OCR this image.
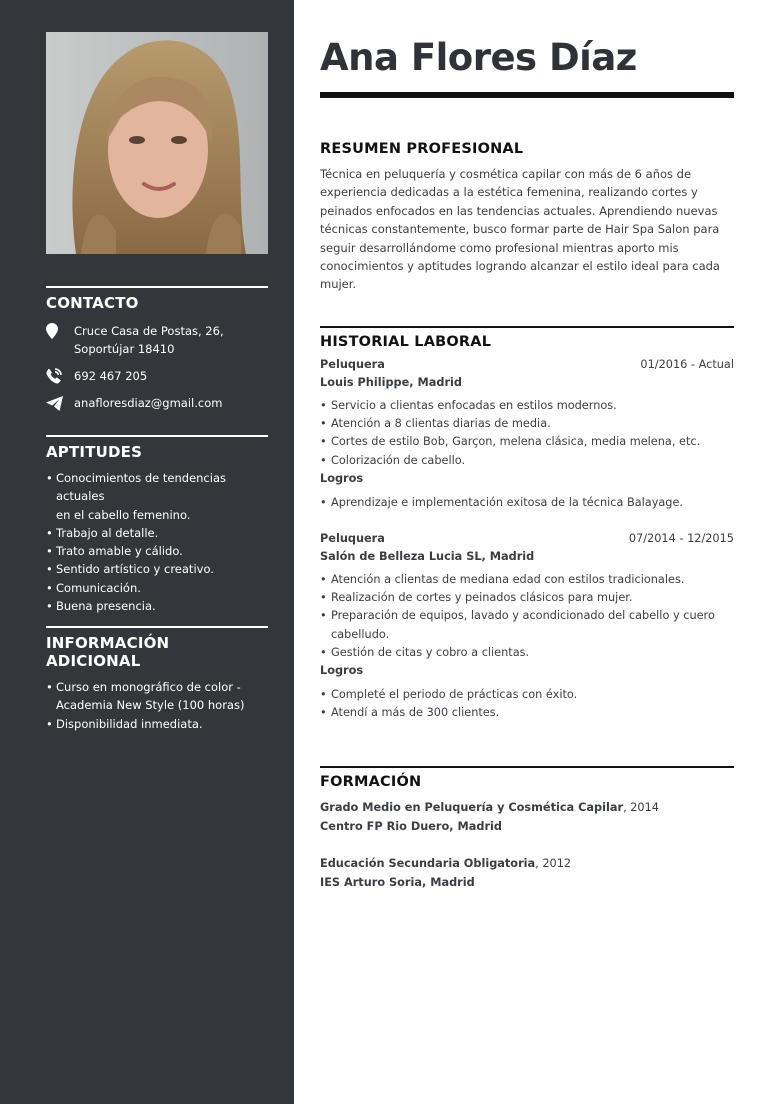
CONTACTO
Cruce Casa de Postas, 26,
Soportújar 18410
692 467 205
anafloresdiaz@gmail.com
APTITUDES
• Conocimientos de tendencias actuales
en el cabello femenino.
• Trabajo al detalle.
• Trato amable y cálido.
• Sentido artístico y creativo.
• Comunicación.
• Buena presencia.
INFORMACIÓN ADICIONAL
• Curso en monográfico de color -
Academia New Style (100 horas)
• Disponibilidad inmediata.
Ana Flores Díaz
RESUMEN PROFESIONAL
Técnica en peluquería y cosmética capilar con más de 6 años de
experiencia dedicadas a la estética femenina, realizando cortes y
peinados enfocados en las tendencias actuales. Aprendiendo nuevas
técnicas constantemente, busco formar parte de Hair Spa Salon para
seguir desarrollándome como profesional mientras aporto mis
conocimientos y aptitudes logrando alcanzar el estilo ideal para cada
mujer.
HISTORIAL LABORAL
Peluquera	01/2016 - Actual
Louis Philippe, Madrid
• Servicio a clientas enfocadas en estilos modernos.
• Atención a 8 clientas diarias de media.
• Cortes de estilo Bob, Garçon, melena clásica, media melena, etc.
• Colorización de cabello.
Logros
• Aprendizaje e implementación exitosa de la técnica Balayage.
Peluquera	07/2014 - 12/2015
Salón de Belleza Lucia SL, Madrid
• Atención a clientas de mediana edad con estilos tradicionales.
• Realización de cortes y peinados clásicos para mujer.
• Preparación de equipos, lavado y acondicionado del cabello y cuero
cabelludo.
• Gestión de citas y cobro a clientas.
Logros
• Completé el periodo de prácticas con éxito.
• Atendí a más de 300 clientes.
FORMACIÓN
Grado Medio en Peluquería y Cosmética Capilar, 2014
Centro FP Rio Duero, Madrid
Educación Secundaria Obligatoria, 2012
IES Arturo Soria, Madrid
